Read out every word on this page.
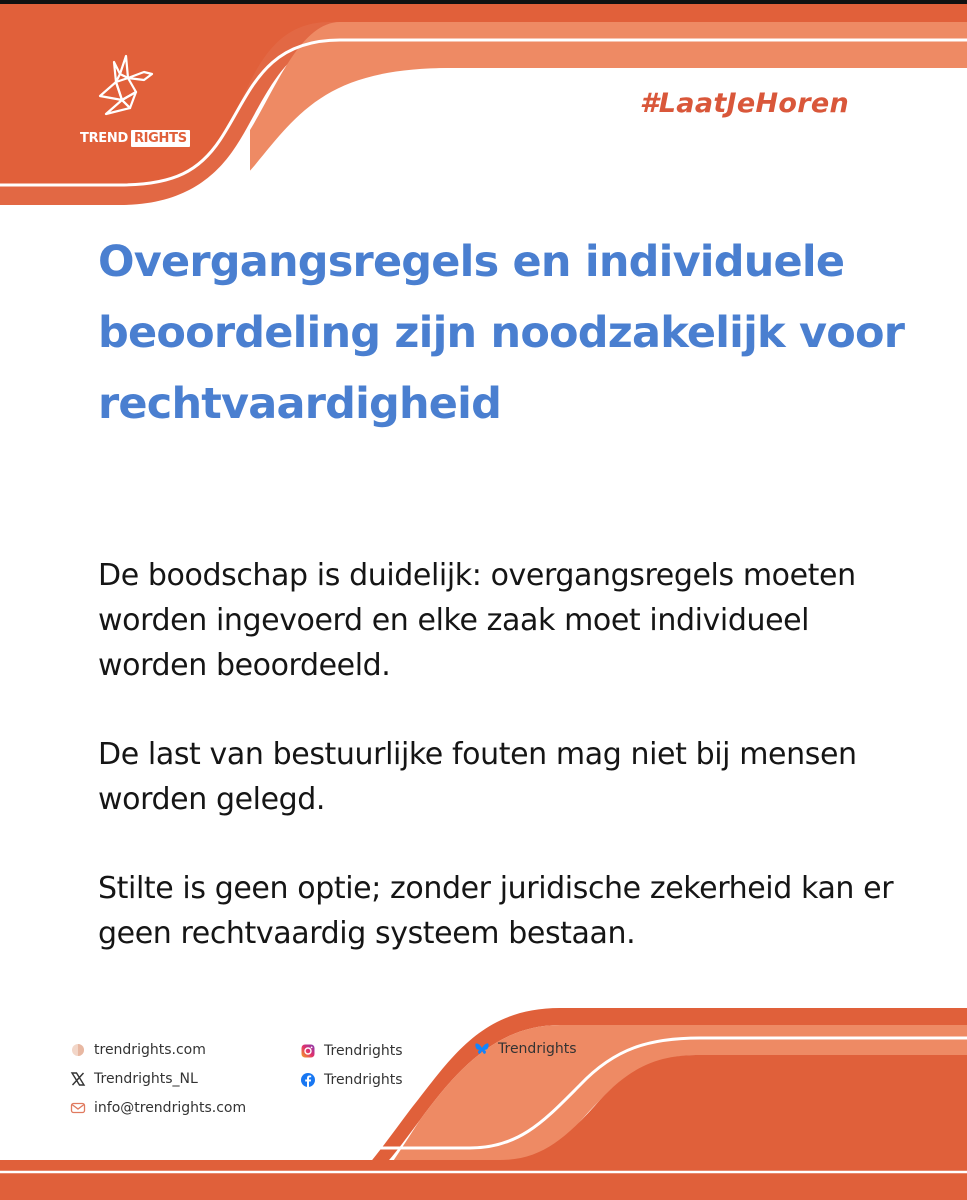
TREND RIGHTS
#LaatJeHoren
Overgangsregels en individuele beoordeling zijn noodzakelijk voor rechtvaardigheid

De boodschap is duidelijk: overgangsregels moeten worden ingevoerd en elke zaak moet individueel worden beoordeeld.

De last van bestuurlijke fouten mag niet bij mensen worden gelegd.

Stilte is geen optie; zonder juridische zekerheid kan er geen rechtvaardig systeem bestaan.

trendrights.com
Trendrights_NL
info@trendrights.com
Trendrights
Trendrights
Trendrights
